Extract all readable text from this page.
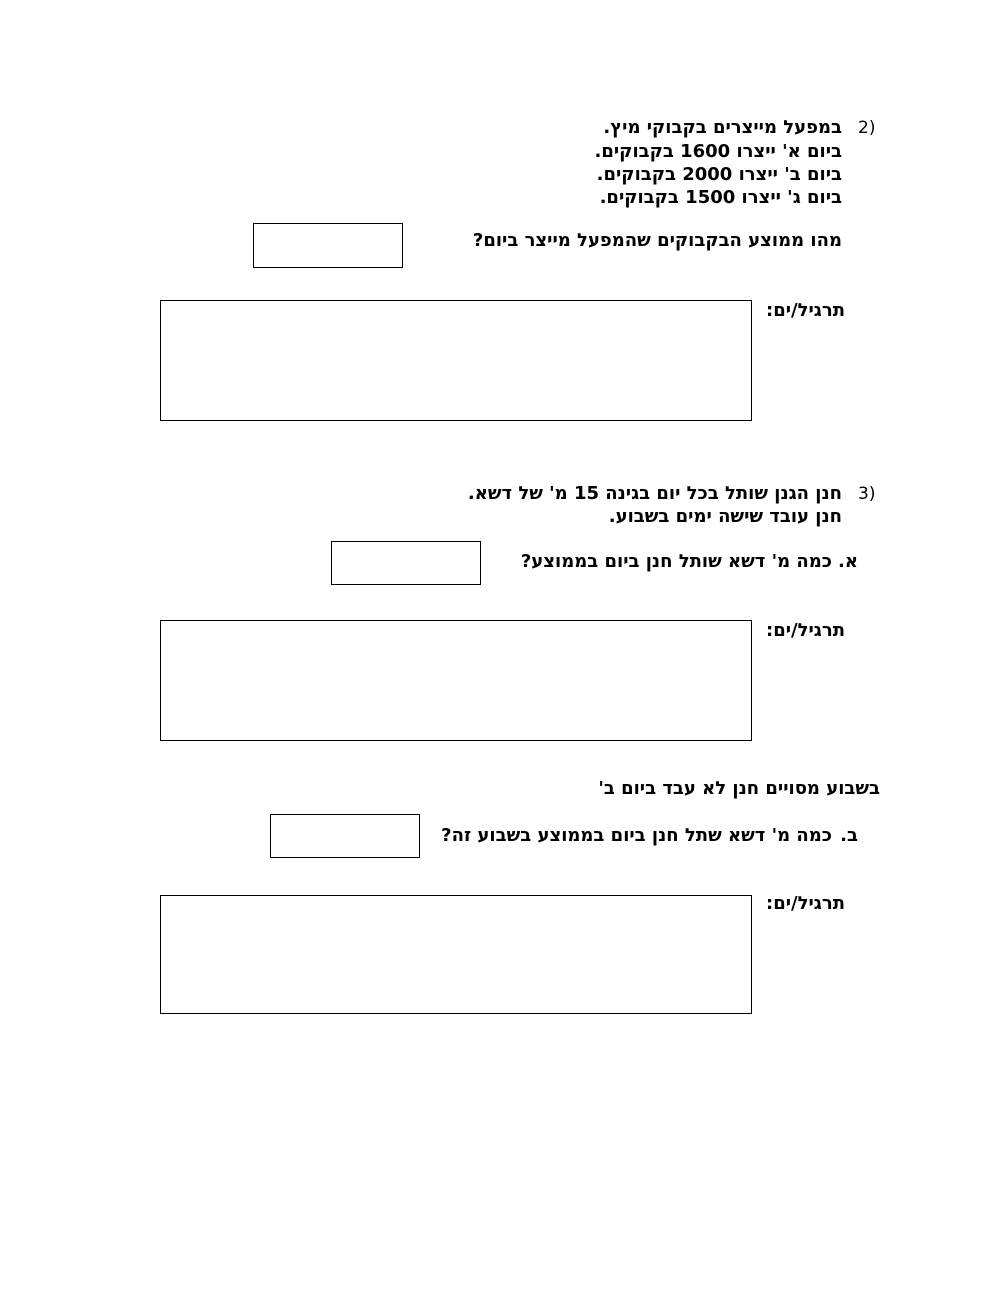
2)
במפעל מייצרים בקבוקי מיץ.
ביום א' ייצרו 1600 בקבוקים.
ביום ב' ייצרו 2000 בקבוקים.
ביום ג' ייצרו 1500 בקבוקים.
מהו ממוצע הבקבוקים שהמפעל מייצר ביום?
תרגיל/ים:
3)
חנן הגנן שותל בכל יום בגינה 15 מ' של דשא.
חנן עובד שישה ימים בשבוע.
א.
כמה מ' דשא שותל חנן ביום בממוצע?
תרגיל/ים:
בשבוע מסויים חנן לא עבד ביום ב'
ב.
כמה מ' דשא שתל חנן ביום בממוצע בשבוע זה?
תרגיל/ים:
